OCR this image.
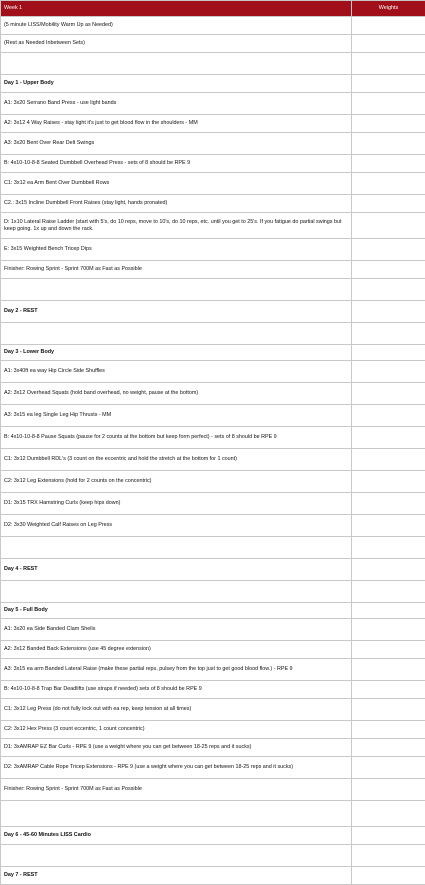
Week 1	Weights
(5 minute LISS/Mobility Warm Up as Needed)	
(Rest as Needed Inbetween Sets)	

Day 1 - Upper Body	
A1: 3x20 Serrano Band Press - use light bands	
A2: 3x12 4 Way Raises - stay light it's just to get blood flow in the shoulders - MM	
A3: 3x20 Bent Over Rear Delt Swings	
B: 4x10-10-8-8 Seated Dumbbell Overhead Press - sets of 8 should be RPE 9	
C1: 3x12 ea Arm Bent Over Dumbbell Rows	
C2.: 3x15 Incline Dumbbell Front Raises (stay light, hands pronated)	
D: 1x10 Lateral Raise Ladder (start with 5's, do 10 reps, move to 10's, do 10 reps, etc. until you get to 25's. If you fatigue do partial swings but keep going. 1x up and down the rack.	
E: 3x15 Weighted Bench Tricep Dips	
Finisher: Rowing Sprint - Sprint 700M as Fast as Possible	

Day 2 - REST	

Day 3 - Lower Body	
A1: 3x40ft ea way Hip Circle Side Shuffles	
A2: 3x12 Overhead Squats (hold band overhead, no weight, pause at the bottom)	
A3: 3x15 ea leg Single Leg Hip Thrusts - MM	
B: 4x10-10-8-8 Pause Squats (pause for 2 counts at the bottom but keep form perfect) - sets of 8 should be RPE 9	
C1: 3x12 Dumbbell RDL's (3 count on the eccentric and hold the stretch at the bottom for 1 count)	
C2: 3x12 Leg Extensions (hold for 2 counts on the concentric)	
D1: 3x15 TRX Hamstring Curls (keep hips down)	
D2: 3x30 Weighted Calf Raises on Leg Press	

Day 4 - REST	

Day 5 - Full Body	
A1: 3x20 ea Side Banded Clam Shells	
A2: 3x12 Banded Back Extensions (use 45 degree extension)	
A3: 3x15 ea arm Banded Lateral Raise (make these partial reps, pulsey from the top just to get good blood flow.) - RPE 9	
B: 4x10-10-8-8 Trap Bar Deadlifts (use straps if needed) sets of 8 should be RPE 9	
C1: 3x12 Leg Press (do not fully lock out with ea rep, keep tension at all times)	
C2: 3x12 Hex Press (3 count eccentric, 1 count concentric)	
D1: 3xAMRAP EZ Bar Curls - RPE 9 (use a weight where you can get between 18-25 reps and it sucks)	
D2: 3xAMRAP Cable Rope Tricep Extensions - RPE 9 (use a weight where you can get between 18-25 reps and it sucks)	
Finisher: Rowing Sprint - Sprint 700M as Fast as Possible	

Day 6 - 45-60 Minutes LISS Cardio	

Day 7 - REST	
